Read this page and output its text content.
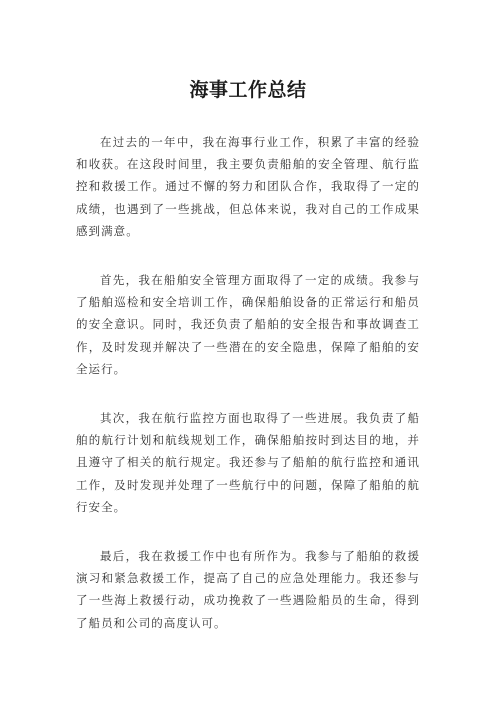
海事工作总结

在过去的一年中，我在海事行业工作，积累了丰富的经验和收获。在这段时间里，我主要负责船舶的安全管理、航行监控和救援工作。通过不懈的努力和团队合作，我取得了一定的成绩，也遇到了一些挑战，但总体来说，我对自己的工作成果感到满意。

首先，我在船舶安全管理方面取得了一定的成绩。我参与了船舶巡检和安全培训工作，确保船舶设备的正常运行和船员的安全意识。同时，我还负责了船舶的安全报告和事故调查工作，及时发现并解决了一些潜在的安全隐患，保障了船舶的安全运行。

其次，我在航行监控方面也取得了一些进展。我负责了船舶的航行计划和航线规划工作，确保船舶按时到达目的地，并且遵守了相关的航行规定。我还参与了船舶的航行监控和通讯工作，及时发现并处理了一些航行中的问题，保障了船舶的航行安全。

最后，我在救援工作中也有所作为。我参与了船舶的救援演习和紧急救援工作，提高了自己的应急处理能力。我还参与了一些海上救援行动，成功挽救了一些遇险船员的生命，得到了船员和公司的高度认可。
